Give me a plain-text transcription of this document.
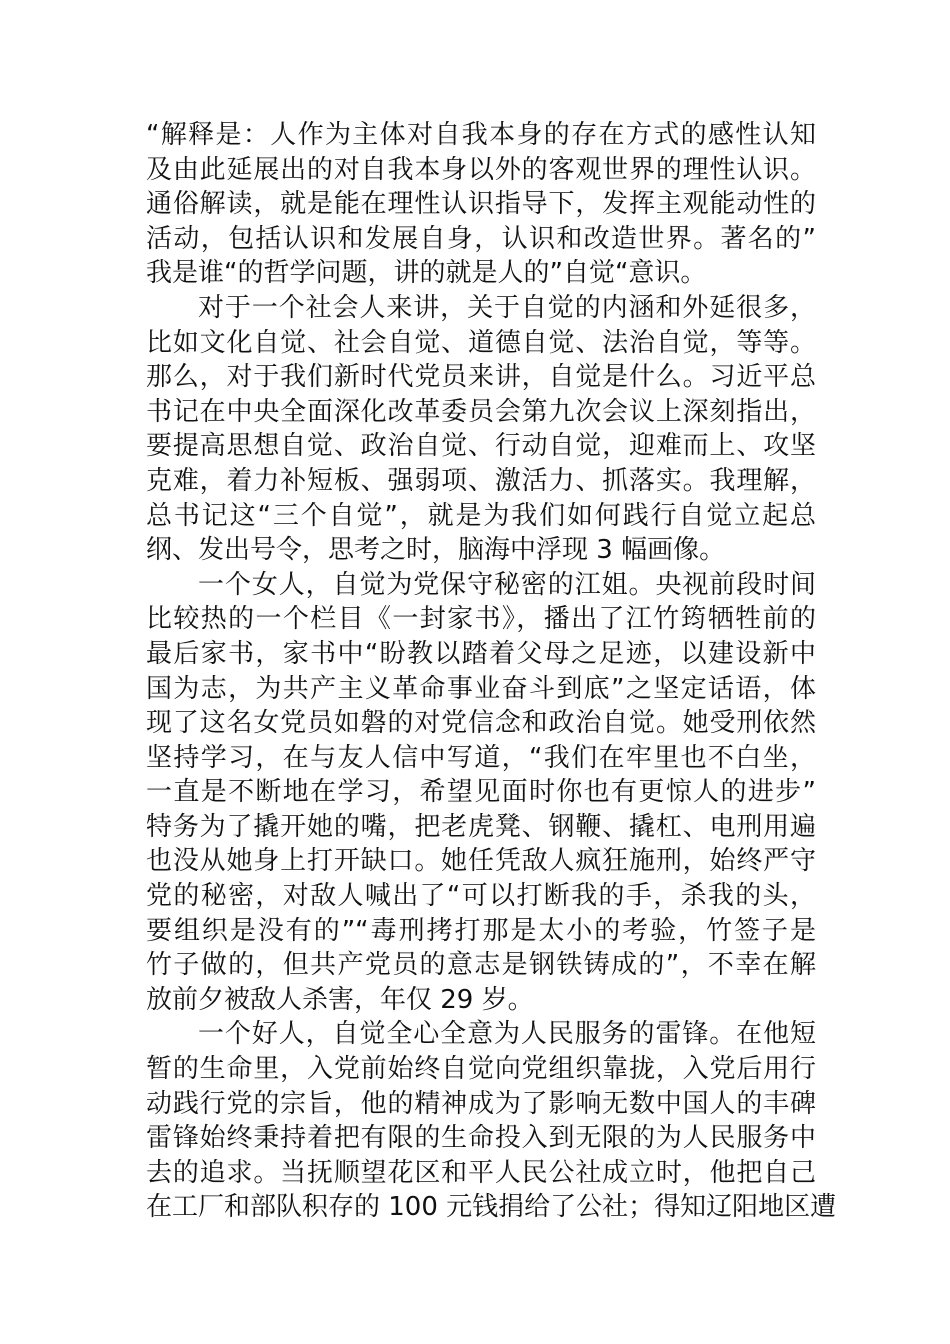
“解释是：人作为主体对自我本身的存在方式的感性认知
及由此延展出的对自我本身以外的客观世界的理性认识。
通俗解读，就是能在理性认识指导下，发挥主观能动性的
活动，包括认识和发展自身，认识和改造世界。著名的”
我是谁“的哲学问题，讲的就是人的”自觉“意识。
对于一个社会人来讲，关于自觉的内涵和外延很多，
比如文化自觉、社会自觉、道德自觉、法治自觉，等等。
那么，对于我们新时代党员来讲，自觉是什么。习近平总
书记在中央全面深化改革委员会第九次会议上深刻指出，
要提高思想自觉、政治自觉、行动自觉，迎难而上、攻坚
克难，着力补短板、强弱项、激活力、抓落实。我理解，
总书记这“三个自觉”，就是为我们如何践行自觉立起总
纲、发出号令，思考之时，脑海中浮现 3 幅画像。
一个女人，自觉为党保守秘密的江姐。央视前段时间
比较热的一个栏目《一封家书》，播出了江竹筠牺牲前的
最后家书，家书中“盼教以踏着父母之足迹，以建设新中
国为志，为共产主义革命事业奋斗到底”之坚定话语，体
现了这名女党员如磐的对党信念和政治自觉。她受刑依然
坚持学习，在与友人信中写道，“我们在牢里也不白坐，
一直是不断地在学习，希望见面时你也有更惊人的进步”
特务为了撬开她的嘴，把老虎凳、钢鞭、撬杠、电刑用遍
也没从她身上打开缺口。她任凭敌人疯狂施刑，始终严守
党的秘密，对敌人喊出了“可以打断我的手，杀我的头，
要组织是没有的”“毒刑拷打那是太小的考验，竹签子是
竹子做的，但共产党员的意志是钢铁铸成的”，不幸在解
放前夕被敌人杀害，年仅 29 岁。
一个好人，自觉全心全意为人民服务的雷锋。在他短
暂的生命里，入党前始终自觉向党组织靠拢，入党后用行
动践行党的宗旨，他的精神成为了影响无数中国人的丰碑
雷锋始终秉持着把有限的生命投入到无限的为人民服务中
去的追求。当抚顺望花区和平人民公社成立时，他把自己
在工厂和部队积存的 100 元钱捐给了公社；得知辽阳地区遭
